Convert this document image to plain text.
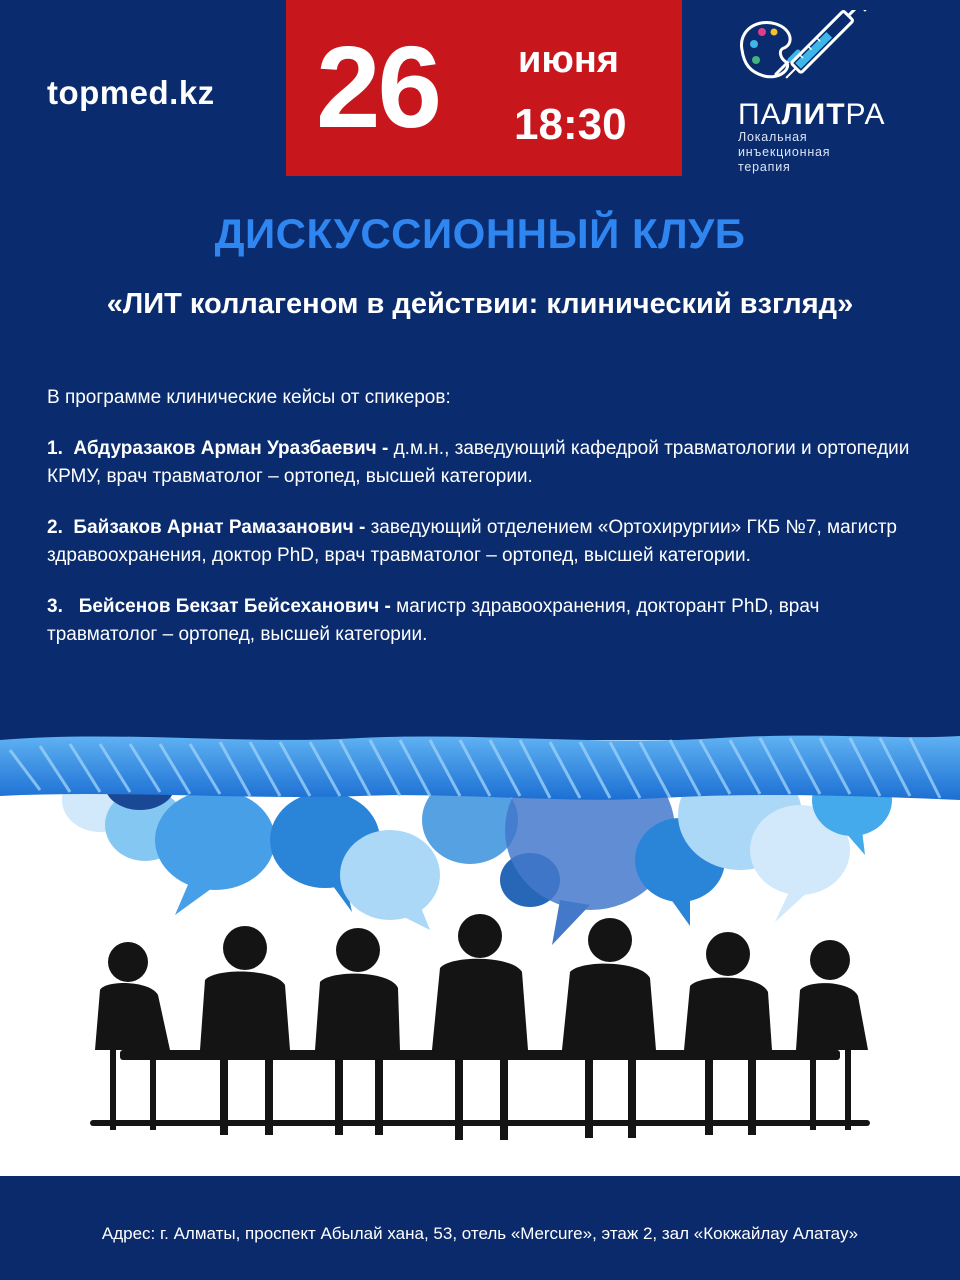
topmed.kz 26 июня
18:30	ПАЛИТРА
Локальная
инъекционная
терапия
ДИСКУССИОННЫЙ КЛУБ
«ЛИТ коллагеном в действии: клинический взгляд»
В программе клинические кейсы от спикеров:
1. Абдуразаков Арман Уразбаевич - д.м.н., заведующий кафедрой травматологии и ортопедии КРМУ, врач травматолог – ортопед, высшей категории.
2. Байзаков Арнат Рамазанович - заведующий отделением «Ортохирургии» ГКБ №7, магистр здравоохранения, доктор PhD, врач травматолог – ортопед, высшей категории.
3. Бейсенов Бекзат Бейсеханович - магистр здравоохранения, докторант PhD, врач травматолог – ортопед, высшей категории.
Адрес: г. Алматы, проспект Абылай хана, 53, отель «Mercure», этаж 2, зал «Кокжайлау Алатау»
